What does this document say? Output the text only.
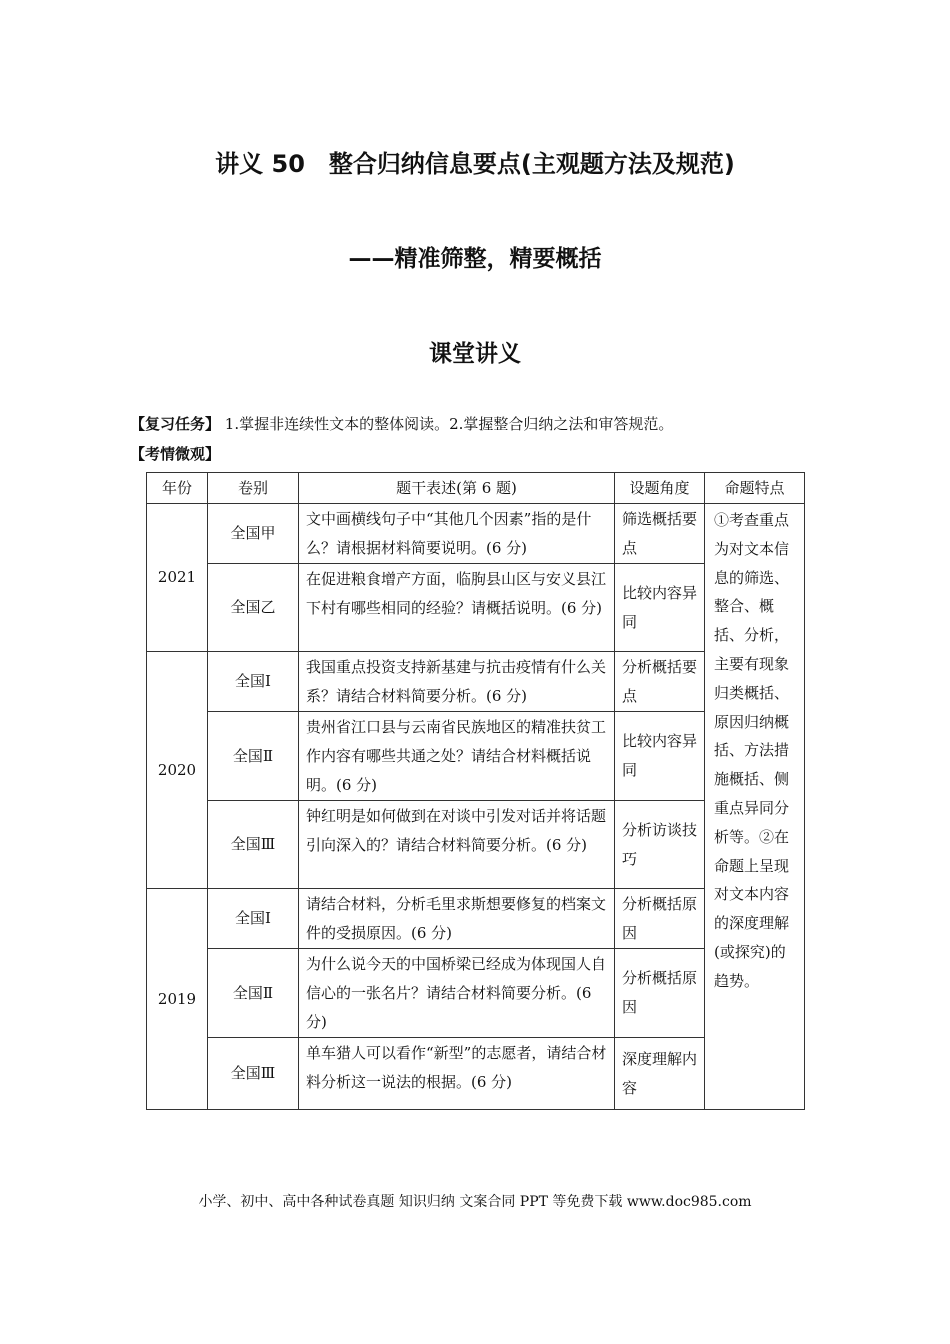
讲义 50　整合归纳信息要点(主观题方法及规范)
——精准筛整，精要概括
课堂讲义
【复习任务】 1.掌握非连续性文本的整体阅读。2.掌握整合归纳之法和审答规范。
【考情微观】
年份	卷别	题干表述(第 6 题)	设题角度	命题特点
2021	全国甲	文中画横线句子中“其他几个因素”指的是什么？请根据材料简要说明。(6 分)	筛选概括要点	①考查重点为对文本信息的筛选、整合、概括、分析，主要有现象归类概括、原因归纳概括、方法措施概括、侧重点异同分析等。②在命题上呈现对文本内容的深度理解(或探究)的趋势。
	全国乙	在促进粮食增产方面，临朐县山区与安义县江下村有哪些相同的经验？请概括说明。(6 分)	比较内容异同	
2020	全国Ⅰ	我国重点投资支持新基建与抗击疫情有什么关系？请结合材料简要分析。(6 分)	分析概括要点	
	全国Ⅱ	贵州省江口县与云南省民族地区的精准扶贫工作内容有哪些共通之处？请结合材料概括说明。(6 分)	比较内容异同	
	全国Ⅲ	钟红明是如何做到在对谈中引发对话并将话题引向深入的？请结合材料简要分析。(6 分)	分析访谈技巧	
2019	全国Ⅰ	请结合材料，分析毛里求斯想要修复的档案文件的受损原因。(6 分)	分析概括原因	
	全国Ⅱ	为什么说今天的中国桥梁已经成为体现国人自信心的一张名片？请结合材料简要分析。(6 分)	分析概括原因	
	全国Ⅲ	单车猎人可以看作“新型”的志愿者，请结合材料分析这一说法的根据。(6 分)	深度理解内容	
小学、初中、高中各种试卷真题 知识归纳 文案合同 PPT 等免费下载 www.doc985.com
